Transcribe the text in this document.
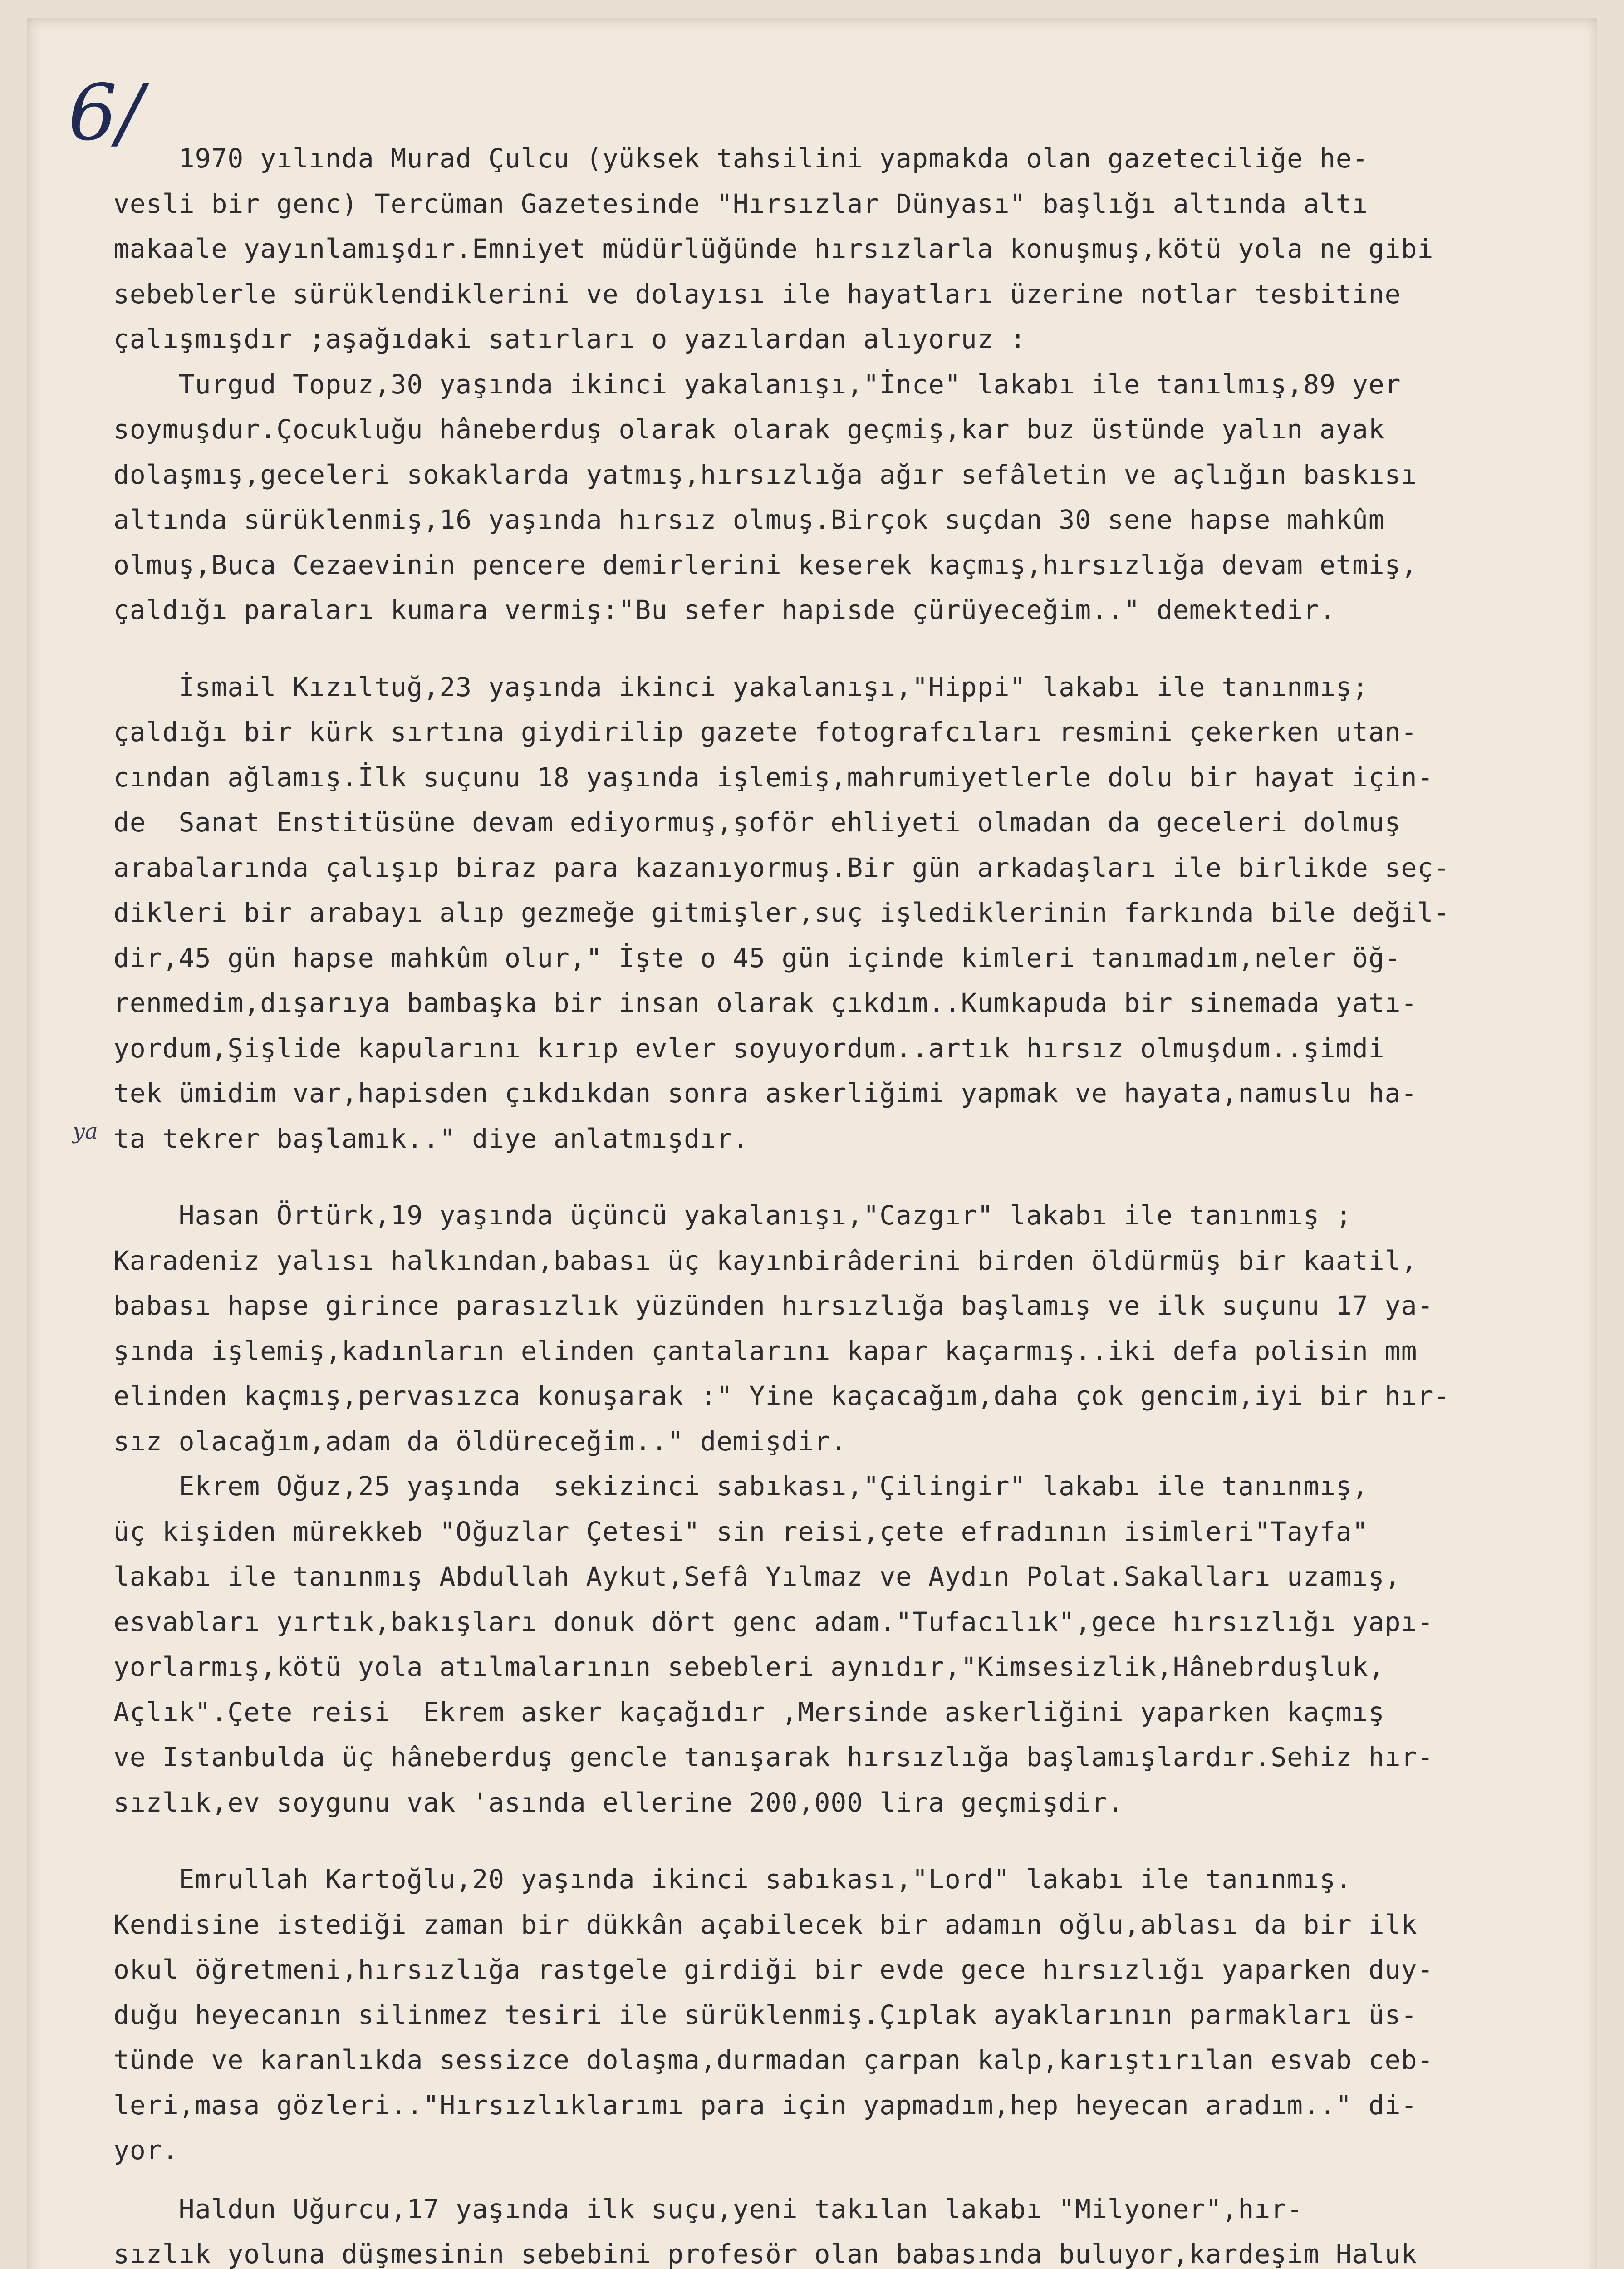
6/
ya
1970 yılında Murad Çulcu (yüksek tahsilini yapmakda olan gazeteciliğe he-
vesli bir genc) Tercüman Gazetesinde "Hırsızlar Dünyası" başlığı altında altı
makaale yayınlamışdır.Emniyet müdürlüğünde hırsızlarla konuşmuş,kötü yola ne gibi
sebeblerle sürüklendiklerini ve dolayısı ile hayatları üzerine notlar tesbitine
çalışmışdır ;aşağıdaki satırları o yazılardan alıyoruz :
Turgud Topuz,30 yaşında ikinci yakalanışı,"İnce" lakabı ile tanılmış,89 yer
soymuşdur.Çocukluğu hâneberduş olarak olarak geçmiş,kar buz üstünde yalın ayak
dolaşmış,geceleri sokaklarda yatmış,hırsızlığa ağır sefâletin ve açlığın baskısı
altında sürüklenmiş,16 yaşında hırsız olmuş.Birçok suçdan 30 sene hapse mahkûm
olmuş,Buca Cezaevinin pencere demirlerini keserek kaçmış,hırsızlığa devam etmiş,
çaldığı paraları kumara vermiş:"Bu sefer hapisde çürüyeceğim.." demektedir.
İsmail Kızıltuğ,23 yaşında ikinci yakalanışı,"Hippi" lakabı ile tanınmış;
çaldığı bir kürk sırtına giydirilip gazete fotografcıları resmini çekerken utan-
cından ağlamış.İlk suçunu 18 yaşında işlemiş,mahrumiyetlerle dolu bir hayat için-
de  Sanat Enstitüsüne devam ediyormuş,şoför ehliyeti olmadan da geceleri dolmuş
arabalarında çalışıp biraz para kazanıyormuş.Bir gün arkadaşları ile birlikde seç-
dikleri bir arabayı alıp gezmeğe gitmişler,suç işlediklerinin farkında bile değil-
dir,45 gün hapse mahkûm olur," İşte o 45 gün içinde kimleri tanımadım,neler öğ-
renmedim,dışarıya bambaşka bir insan olarak çıkdım..Kumkapuda bir sinemada yatı-
yordum,Şişlide kapularını kırıp evler soyuyordum..artık hırsız olmuşdum..şimdi
tek ümidim var,hapisden çıkdıkdan sonra askerliğimi yapmak ve hayata,namuslu ha-
ta tekrer başlamık.." diye anlatmışdır.
Hasan Örtürk,19 yaşında üçüncü yakalanışı,"Cazgır" lakabı ile tanınmış ;
Karadeniz yalısı halkından,babası üç kayınbirâderini birden öldürmüş bir kaatil,
babası hapse girince parasızlık yüzünden hırsızlığa başlamış ve ilk suçunu 17 ya-
şında işlemiş,kadınların elinden çantalarını kapar kaçarmış..iki defa polisin mm
elinden kaçmış,pervasızca konuşarak :" Yine kaçacağım,daha çok gencim,iyi bir hır-
sız olacağım,adam da öldüreceğim.." demişdir.
Ekrem Oğuz,25 yaşında  sekizinci sabıkası,"Çilingir" lakabı ile tanınmış,
üç kişiden mürekkeb "Oğuzlar Çetesi" sin reisi,çete efradının isimleri"Tayfa"
lakabı ile tanınmış Abdullah Aykut,Sefâ Yılmaz ve Aydın Polat.Sakalları uzamış,
esvabları yırtık,bakışları donuk dört genc adam."Tufacılık",gece hırsızlığı yapı-
yorlarmış,kötü yola atılmalarının sebebleri aynıdır,"Kimsesizlik,Hânebrduşluk,
Açlık".Çete reisi  Ekrem asker kaçağıdır ,Mersinde askerliğini yaparken kaçmış
ve Istanbulda üç hâneberduş gencle tanışarak hırsızlığa başlamışlardır.Sehiz hır-
sızlık,ev soygunu vak 'asında ellerine 200,000 lira geçmişdir.
Emrullah Kartoğlu,20 yaşında ikinci sabıkası,"Lord" lakabı ile tanınmış.
Kendisine istediği zaman bir dükkân açabilecek bir adamın oğlu,ablası da bir ilk
okul öğretmeni,hırsızlığa rastgele girdiği bir evde gece hırsızlığı yaparken duy-
duğu heyecanın silinmez tesiri ile sürüklenmiş.Çıplak ayaklarının parmakları üs-
tünde ve karanlıkda sessizce dolaşma,durmadan çarpan kalp,karıştırılan esvab ceb-
leri,masa gözleri.."Hırsızlıklarımı para için yapmadım,hep heyecan aradım.." di-
yor.
Haldun Uğurcu,17 yaşında ilk suçu,yeni takılan lakabı "Milyoner",hır-
sızlık yoluna düşmesinin sebebini profesör olan babasında buluyor,kardeşim Haluk
